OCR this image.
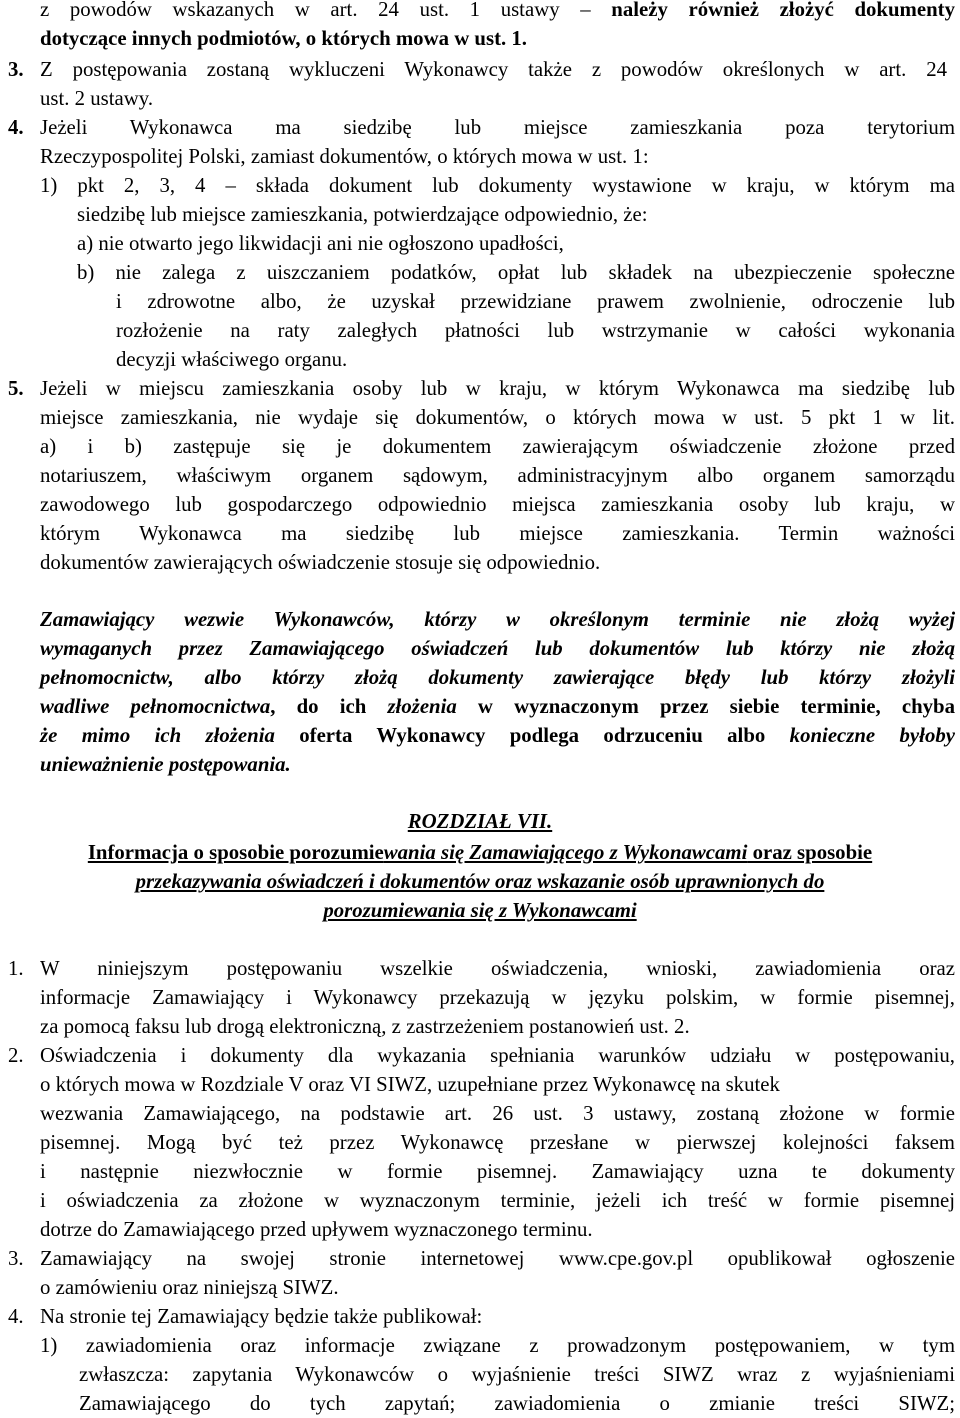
z powodów wskazanych w art. 24 ust. 1 ustawy – należy również złożyć dokumenty
dotyczące innych podmiotów, o których mowa w ust. 1.
3. Z postępowania zostaną wykluczeni Wykonawcy także z powodów określonych w art. 24
ust. 2 ustawy.
4. Jeżeli Wykonawca ma siedzibę lub miejsce zamieszkania poza terytorium
Rzeczypospolitej Polski, zamiast dokumentów, o których mowa w ust. 1:
1) pkt 2, 3, 4 – składa dokument lub dokumenty wystawione w kraju, w którym ma
siedzibę lub miejsce zamieszkania, potwierdzające odpowiednio, że:
a) nie otwarto jego likwidacji ani nie ogłoszono upadłości,
b) nie zalega z uiszczaniem podatków, opłat lub składek na ubezpieczenie społeczne
i zdrowotne albo, że uzyskał przewidziane prawem zwolnienie, odroczenie lub
rozłożenie na raty zaległych płatności lub wstrzymanie w całości wykonania
decyzji właściwego organu.
5. Jeżeli w miejscu zamieszkania osoby lub w kraju, w którym Wykonawca ma siedzibę lub
miejsce zamieszkania, nie wydaje się dokumentów, o których mowa w ust. 5 pkt 1 w lit.
a) i b) zastępuje się je dokumentem zawierającym oświadczenie złożone przed
notariuszem, właściwym organem sądowym, administracyjnym albo organem samorządu
zawodowego lub gospodarczego odpowiednio miejsca zamieszkania osoby lub kraju, w
którym Wykonawca ma siedzibę lub miejsce zamieszkania. Termin ważności
dokumentów zawierających oświadczenie stosuje się odpowiednio.
Zamawiający wezwie Wykonawców, którzy w określonym terminie nie złożą wyżej
wymaganych przez Zamawiającego oświadczeń lub dokumentów lub którzy nie złożą
pełnomocnictw, albo którzy złożą dokumenty zawierające błędy lub którzy złożyli
wadliwe pełnomocnictwa, do ich złożenia w wyznaczonym przez siebie terminie, chyba
że mimo ich złożenia oferta Wykonawcy podlega odrzuceniu albo konieczne byłoby
unieważnienie postępowania.
ROZDZIAŁ VII.
Informacja o sposobie porozumiewania się Zamawiającego z Wykonawcami oraz sposobie
przekazywania oświadczeń i dokumentów oraz wskazanie osób uprawnionych do
porozumiewania się z Wykonawcami
1. W niniejszym postępowaniu wszelkie oświadczenia, wnioski, zawiadomienia oraz
informacje Zamawiający i Wykonawcy przekazują w języku polskim, w formie pisemnej,
za pomocą faksu lub drogą elektroniczną, z zastrzeżeniem postanowień ust. 2.
2. Oświadczenia i dokumenty dla wykazania spełniania warunków udziału w postępowaniu,
o których mowa w Rozdziale V oraz VI SIWZ, uzupełniane przez Wykonawcę na skutek
wezwania Zamawiającego, na podstawie art. 26 ust. 3 ustawy, zostaną złożone w formie
pisemnej. Mogą być też przez Wykonawcę przesłane w pierwszej kolejności faksem
i następnie niezwłocznie w formie pisemnej. Zamawiający uzna te dokumenty
i oświadczenia za złożone w wyznaczonym terminie, jeżeli ich treść w formie pisemnej
dotrze do Zamawiającego przed upływem wyznaczonego terminu.
3. Zamawiający na swojej stronie internetowej www.cpe.gov.pl opublikował ogłoszenie
o zamówieniu oraz niniejszą SIWZ.
4. Na stronie tej Zamawiający będzie także publikował:
1) zawiadomienia oraz informacje związane z prowadzonym postępowaniem, w tym
zwłaszcza: zapytania Wykonawców o wyjaśnienie treści SIWZ wraz z wyjaśnieniami
Zamawiającego do tych zapytań; zawiadomienia o zmianie treści SIWZ;
